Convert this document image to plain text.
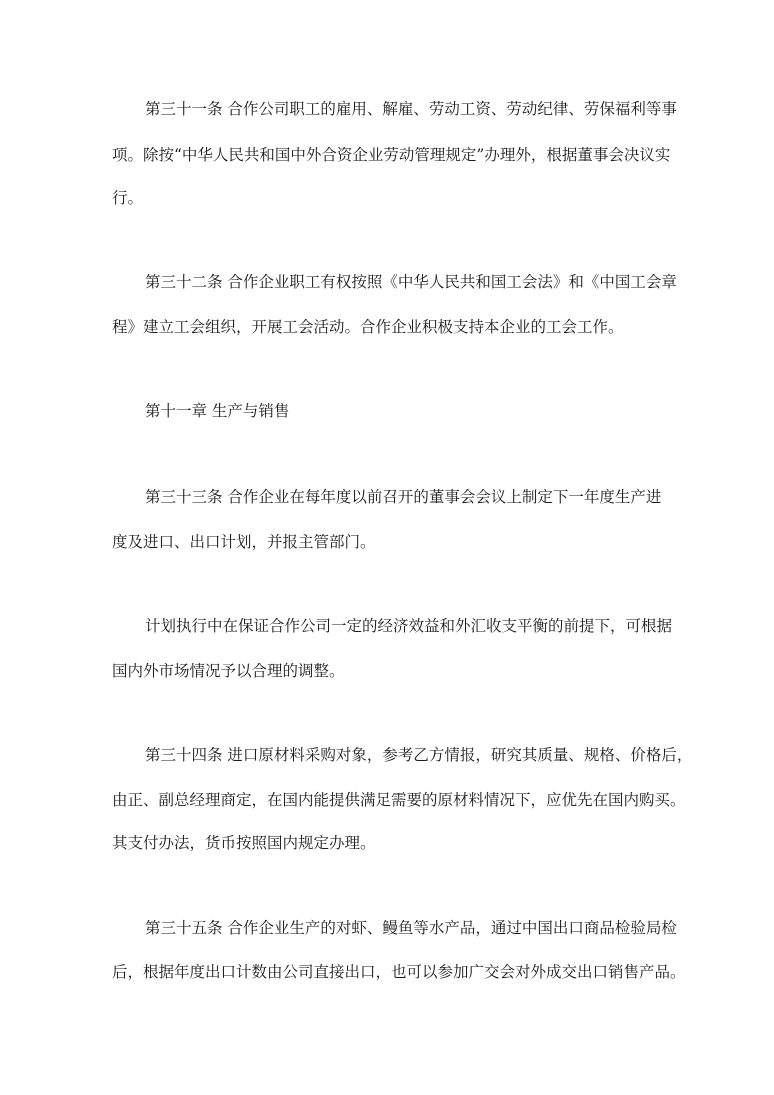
第三十一条 合作公司职工的雇用、解雇、劳动工资、劳动纪律、劳保福利等事

项。除按“中华人民共和国中外合资企业劳动管理规定”办理外，根据董事会决议实

行。

第三十二条 合作企业职工有权按照《中华人民共和国工会法》和《中国工会章

程》建立工会组织，开展工会活动。合作企业积极支持本企业的工会工作。

第十一章 生产与销售

第三十三条 合作企业在每年度以前召开的董事会会议上制定下一年度生产进

度及进口、出口计划，并报主管部门。

计划执行中在保证合作公司一定的经济效益和外汇收支平衡的前提下，可根据

国内外市场情况予以合理的调整。

第三十四条 进口原材料采购对象，参考乙方情报，研究其质量、规格、价格后，

由正、副总经理商定，在国内能提供满足需要的原材料情况下，应优先在国内购买。

其支付办法，货币按照国内规定办理。

第三十五条 合作企业生产的对虾、鳗鱼等水产品，通过中国出口商品检验局检

后，根据年度出口计数由公司直接出口，也可以参加广交会对外成交出口销售产品。
